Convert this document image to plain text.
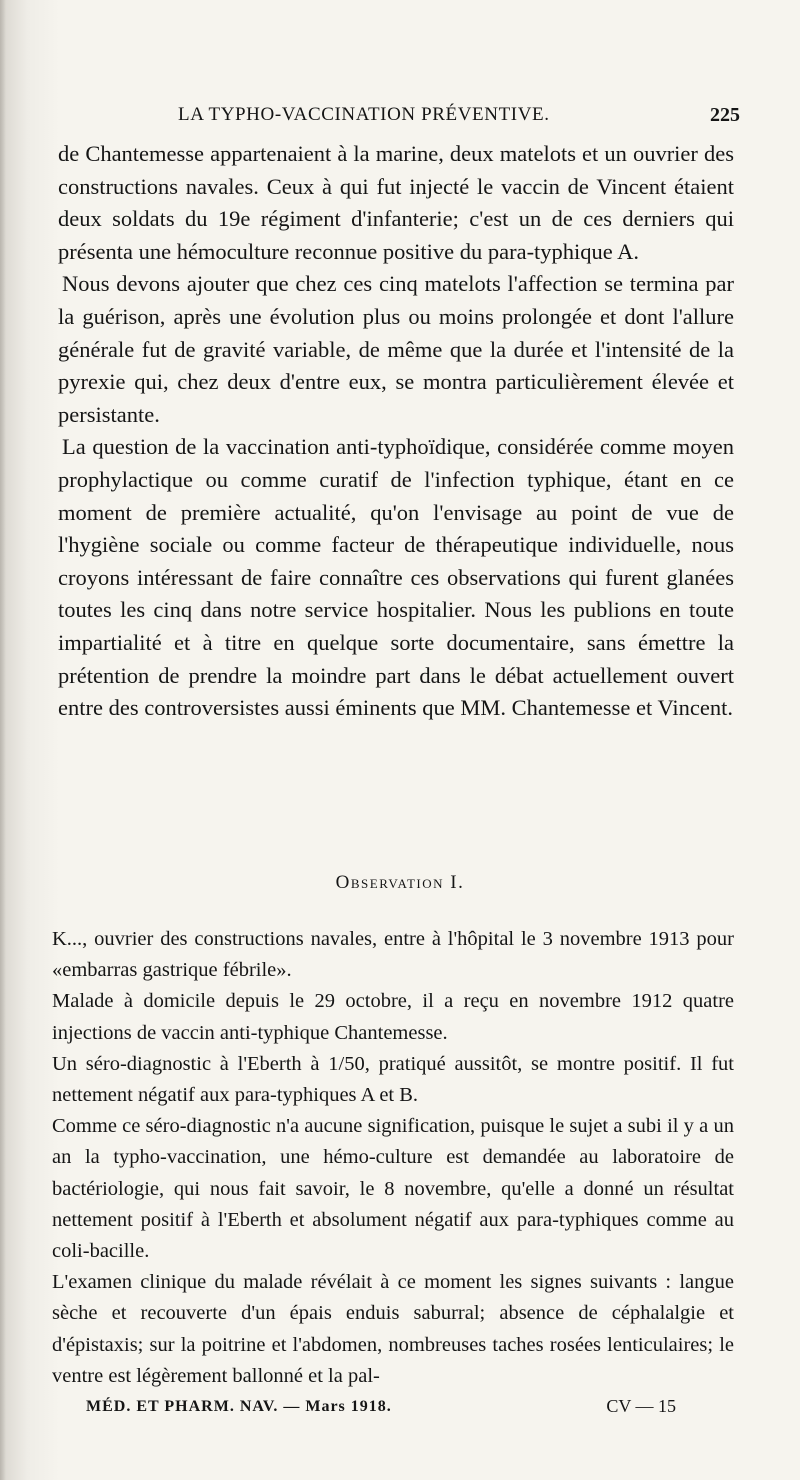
LA TYPHO-VACCINATION PRÉVENTIVE.	225

de Chantemesse appartenaient à la marine, deux matelots et un ouvrier des constructions navales. Ceux à qui fut injecté le vaccin de Vincent étaient deux soldats du 19e régiment d'infanterie; c'est un de ces derniers qui présenta une hémoculture reconnue positive du para-typhique A.

Nous devons ajouter que chez ces cinq matelots l'affection se termina par la guérison, après une évolution plus ou moins prolongée et dont l'allure générale fut de gravité variable, de même que la durée et l'intensité de la pyrexie qui, chez deux d'entre eux, se montra particulièrement élevée et persistante.

La question de la vaccination anti-typhoïdique, considérée comme moyen prophylactique ou comme curatif de l'infection typhique, étant en ce moment de première actualité, qu'on l'envisage au point de vue de l'hygiène sociale ou comme facteur de thérapeutique individuelle, nous croyons intéressant de faire connaître ces observations qui furent glanées toutes les cinq dans notre service hospitalier. Nous les publions en toute impartialité et à titre en quelque sorte documentaire, sans émettre la prétention de prendre la moindre part dans le débat actuellement ouvert entre des controversistes aussi éminents que MM. Chantemesse et Vincent.

Observation I.

K..., ouvrier des constructions navales, entre à l'hôpital le 3 novembre 1913 pour «embarras gastrique fébrile».

Malade à domicile depuis le 29 octobre, il a reçu en novembre 1912 quatre injections de vaccin anti-typhique Chantemesse.

Un séro-diagnostic à l'Eberth à 1/50, pratiqué aussitôt, se montre positif. Il fut nettement négatif aux para-typhiques A et B.

Comme ce séro-diagnostic n'a aucune signification, puisque le sujet a subi il y a un an la typho-vaccination, une hémo-culture est demandée au laboratoire de bactériologie, qui nous fait savoir, le 8 novembre, qu'elle a donné un résultat nettement positif à l'Eberth et absolument négatif aux para-typhiques comme au coli-bacille.

L'examen clinique du malade révélait à ce moment les signes suivants : langue sèche et recouverte d'un épais enduis saburral; absence de céphalalgie et d'épistaxis; sur la poitrine et l'abdomen, nombreuses taches rosées lenticulaires; le ventre est légèrement ballonné et la pal-

MÉD. ET PHARM. NAV. — Mars 1918.	CV — 15
